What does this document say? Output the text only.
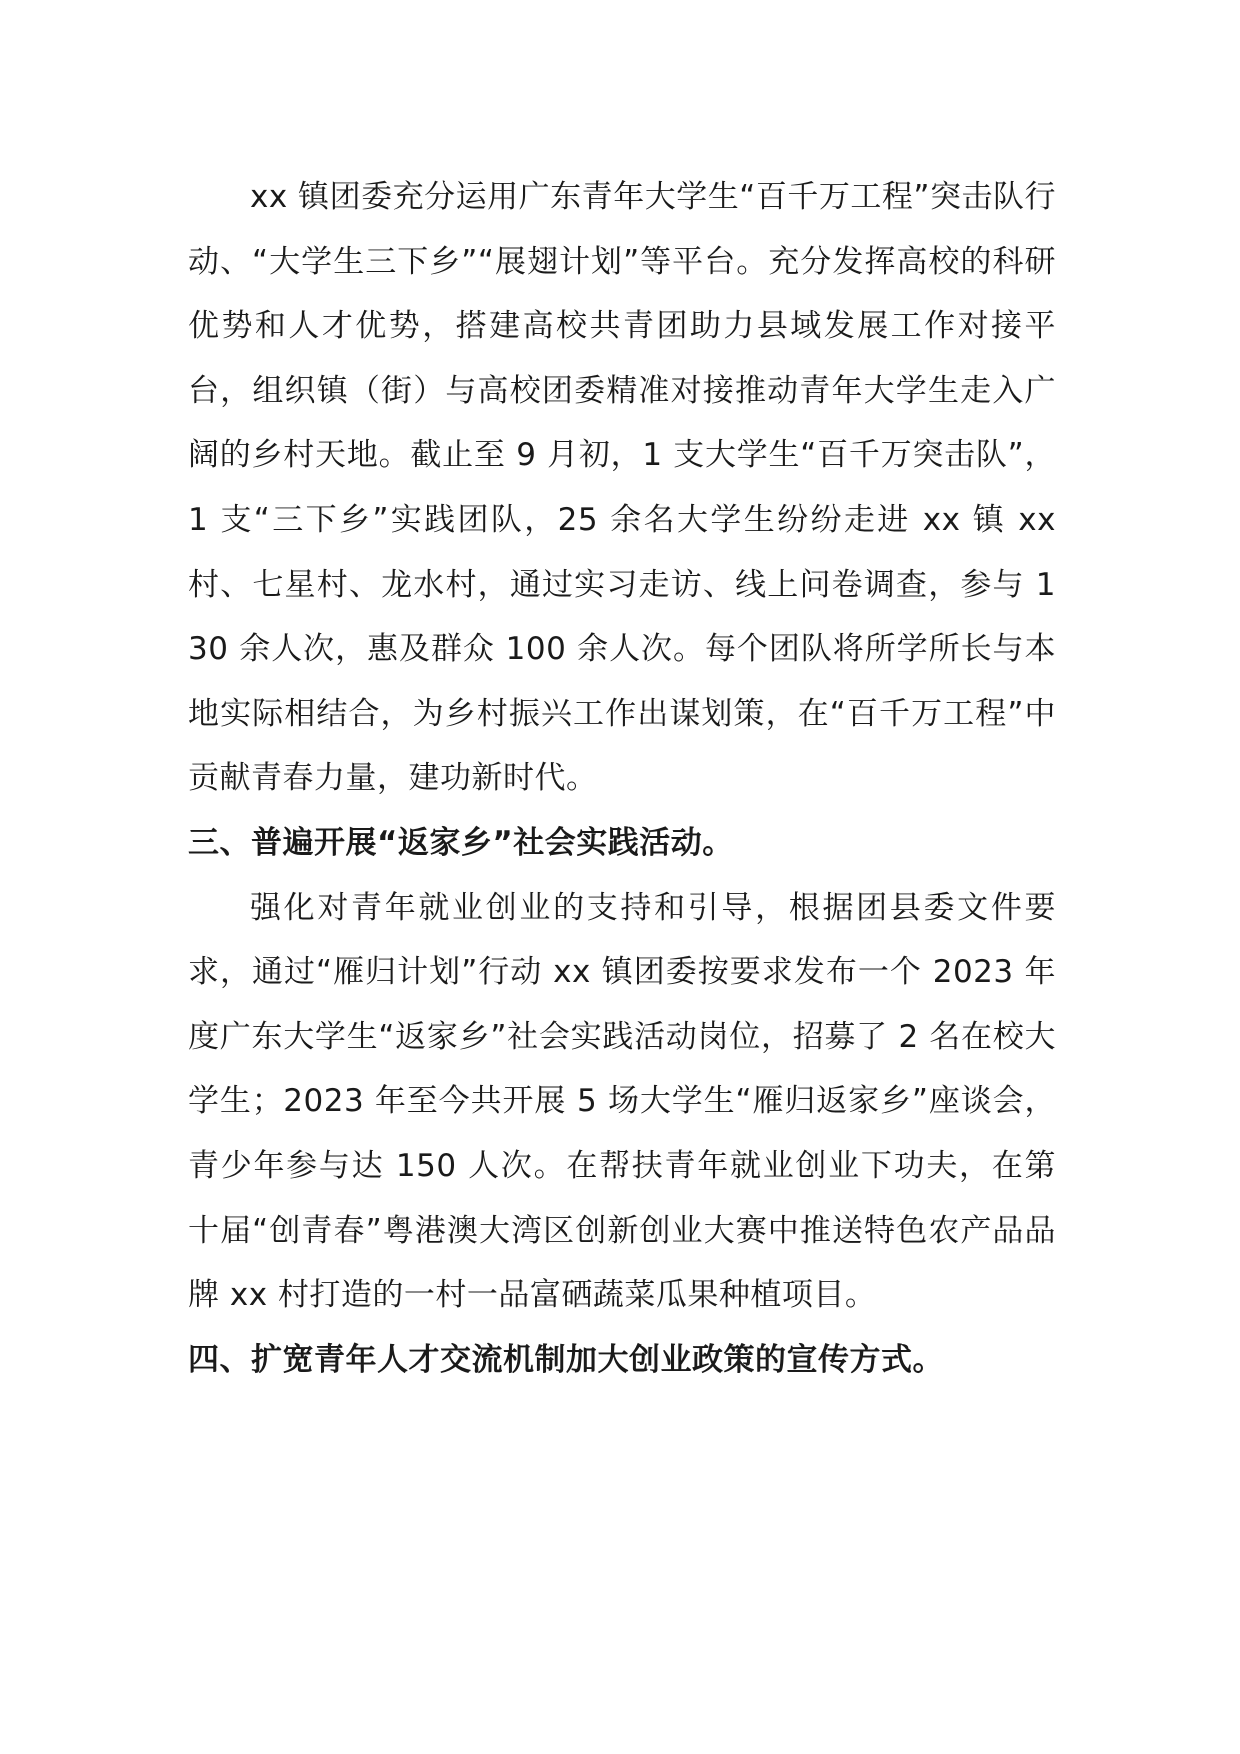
xx 镇团委充分运用广东青年大学生“百千万工程”突击队行动、“大学生三下乡”“展翅计划”等平台。充分发挥高校的科研优势和人才优势，搭建高校共青团助力县域发展工作对接平台，组织镇（街）与高校团委精准对接推动青年大学生走入广阔的乡村天地。截止至 9 月初，1 支大学生“百千万突击队”，1 支“三下乡”实践团队，25 余名大学生纷纷走进 xx 镇 xx 村、七星村、龙水村，通过实习走访、线上问卷调查，参与 130 余人次，惠及群众 100 余人次。每个团队将所学所长与本地实际相结合，为乡村振兴工作出谋划策，在“百千万工程”中贡献青春力量，建功新时代。

三、普遍开展“返家乡”社会实践活动。

强化对青年就业创业的支持和引导，根据团县委文件要求，通过“雁归计划”行动 xx 镇团委按要求发布一个 2023 年度广东大学生“返家乡”社会实践活动岗位，招募了 2 名在校大学生；2023 年至今共开展 5 场大学生“雁归返家乡”座谈会，青少年参与达 150 人次。在帮扶青年就业创业下功夫，在第十届“创青春”粤港澳大湾区创新创业大赛中推送特色农产品品牌 xx 村打造的一村一品富硒蔬菜瓜果种植项目。

四、扩宽青年人才交流机制加大创业政策的宣传方式。
